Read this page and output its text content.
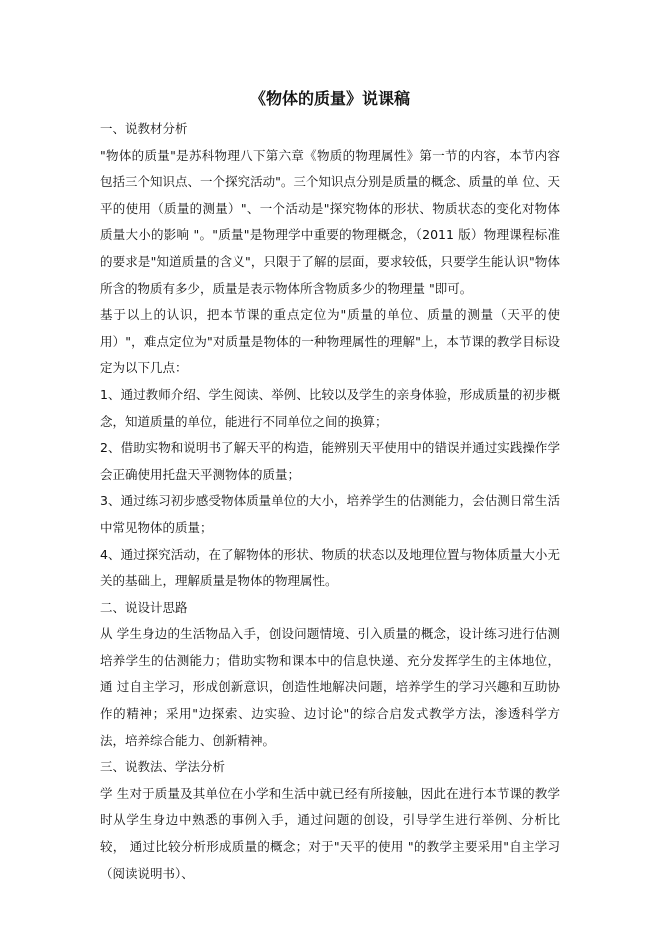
《物体的质量》说课稿
一、说教材分析

"物体的质量"是苏科物理八下第六章《物质的物理属性》第一节的内容，本节内容包括三个知识点、一个探究活动"。三个知识点分别是质量的概念、质量的单 位、天平的使用（质量的测量）"、一个活动是"探究物体的形状、物质状态的变化对物体质量大小的影响 "。"质量"是物理学中重要的物理概念，（2011 版）物理课程标准的要求是"知道质量的含义"，只限于了解的层面，要求较低，只要学生能认识"物体所含的物质有多少，质量是表示物体所含物质多少的物理量 "即可。

基于以上的认识，把本节课的重点定位为"质量的单位、质量的测量（天平的使用）"，难点定位为"对质量是物体的一种物理属性的理解"上，本节课的教学目标设定为以下几点：

1、通过教师介绍、学生阅读、举例、比较以及学生的亲身体验，形成质量的初步概念，知道质量的单位，能进行不同单位之间的换算；

2、借助实物和说明书了解天平的构造，能辨别天平使用中的错误并通过实践操作学会正确使用托盘天平测物体的质量；

3、通过练习初步感受物体质量单位的大小，培养学生的估测能力，会估测日常生活中常见物体的质量；

4、通过探究活动，在了解物体的形状、物质的状态以及地理位置与物体质量大小无关的基础上，理解质量是物体的物理属性。

二、说设计思路

从 学生身边的生活物品入手，创设问题情境、引入质量的概念，设计练习进行估测培养学生的估测能力；借助实物和课本中的信息快递、充分发挥学生的主体地位，通 过自主学习，形成创新意识，创造性地解决问题，培养学生的学习兴趣和互助协作的精神；采用"边探索、边实验、边讨论"的综合启发式教学方法，渗透科学方 法，培养综合能力、创新精神。

三、说教法、学法分析

学 生对于质量及其单位在小学和生活中就已经有所接触，因此在进行本节课的教学时从学生身边中熟悉的事例入手，通过问题的创设，引导学生进行举例、分析比较， 通过比较分析形成质量的概念；对于"天平的使用 "的教学主要采用"自主学习（阅读说明书）、
